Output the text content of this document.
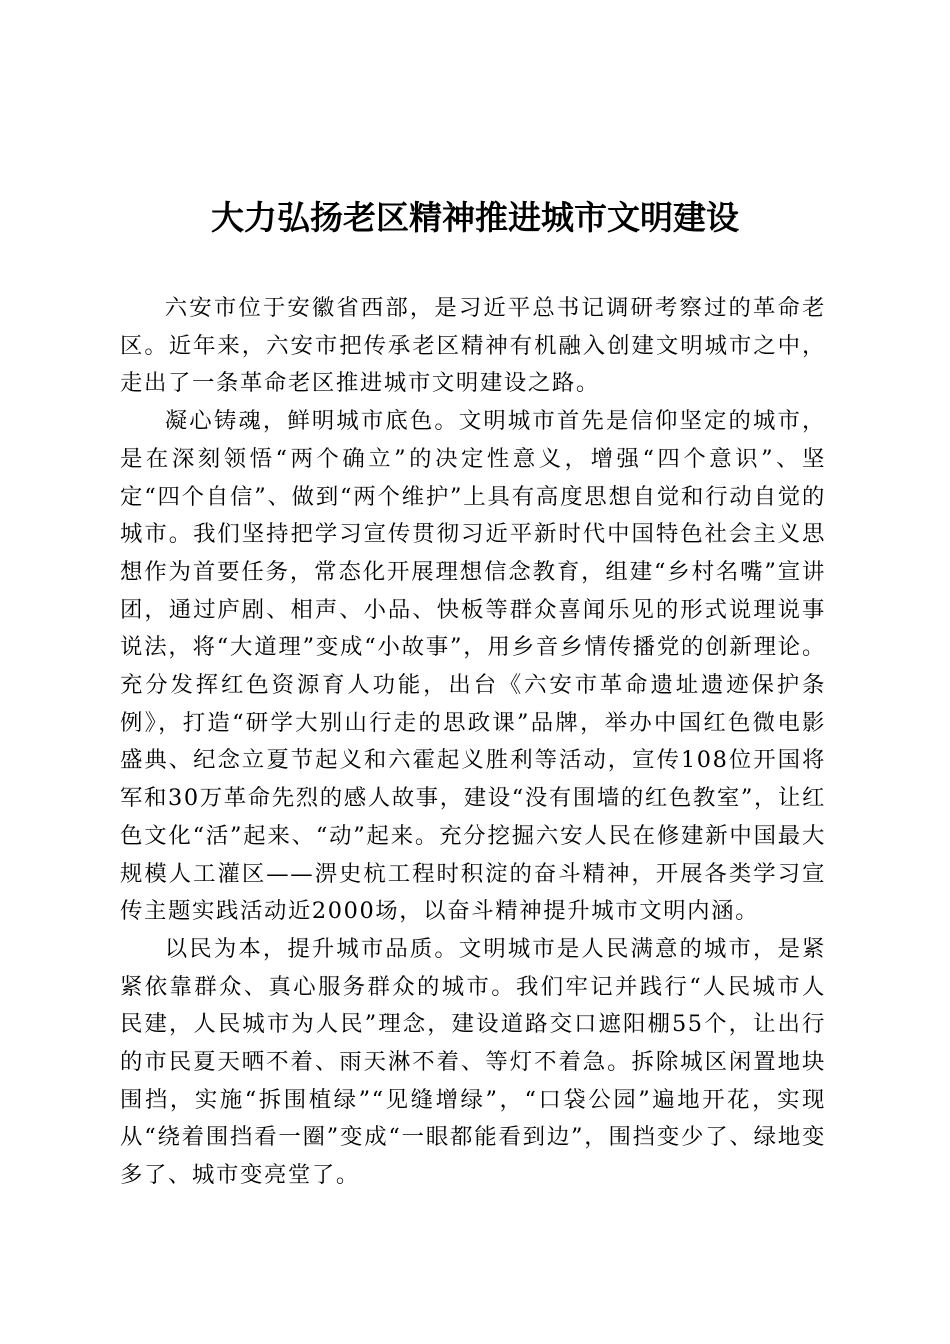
大力弘扬老区精神推进城市文明建设

六安市位于安徽省西部，是习近平总书记调研考察过的革命老区。近年来，六安市把传承老区精神有机融入创建文明城市之中，走出了一条革命老区推进城市文明建设之路。

凝心铸魂，鲜明城市底色。文明城市首先是信仰坚定的城市，是在深刻领悟“两个确立”的决定性意义，增强“四个意识”、坚定“四个自信”、做到“两个维护”上具有高度思想自觉和行动自觉的城市。我们坚持把学习宣传贯彻习近平新时代中国特色社会主义思想作为首要任务，常态化开展理想信念教育，组建“乡村名嘴”宣讲团，通过庐剧、相声、小品、快板等群众喜闻乐见的形式说理说事说法，将“大道理”变成“小故事”，用乡音乡情传播党的创新理论。充分发挥红色资源育人功能，出台《六安市革命遗址遗迹保护条例》，打造“研学大别山行走的思政课”品牌，举办中国红色微电影盛典、纪念立夏节起义和六霍起义胜利等活动，宣传108位开国将军和30万革命先烈的感人故事，建设“没有围墙的红色教室”，让红色文化“活”起来、“动”起来。充分挖掘六安人民在修建新中国最大规模人工灌区——淠史杭工程时积淀的奋斗精神，开展各类学习宣传主题实践活动近2000场，以奋斗精神提升城市文明内涵。

以民为本，提升城市品质。文明城市是人民满意的城市，是紧紧依靠群众、真心服务群众的城市。我们牢记并践行“人民城市人民建，人民城市为人民”理念，建设道路交口遮阳棚55个，让出行的市民夏天晒不着、雨天淋不着、等灯不着急。拆除城区闲置地块围挡，实施“拆围植绿”“见缝增绿”，“口袋公园”遍地开花，实现从“绕着围挡看一圈”变成“一眼都能看到边”，围挡变少了、绿地变多了、城市变亮堂了。
